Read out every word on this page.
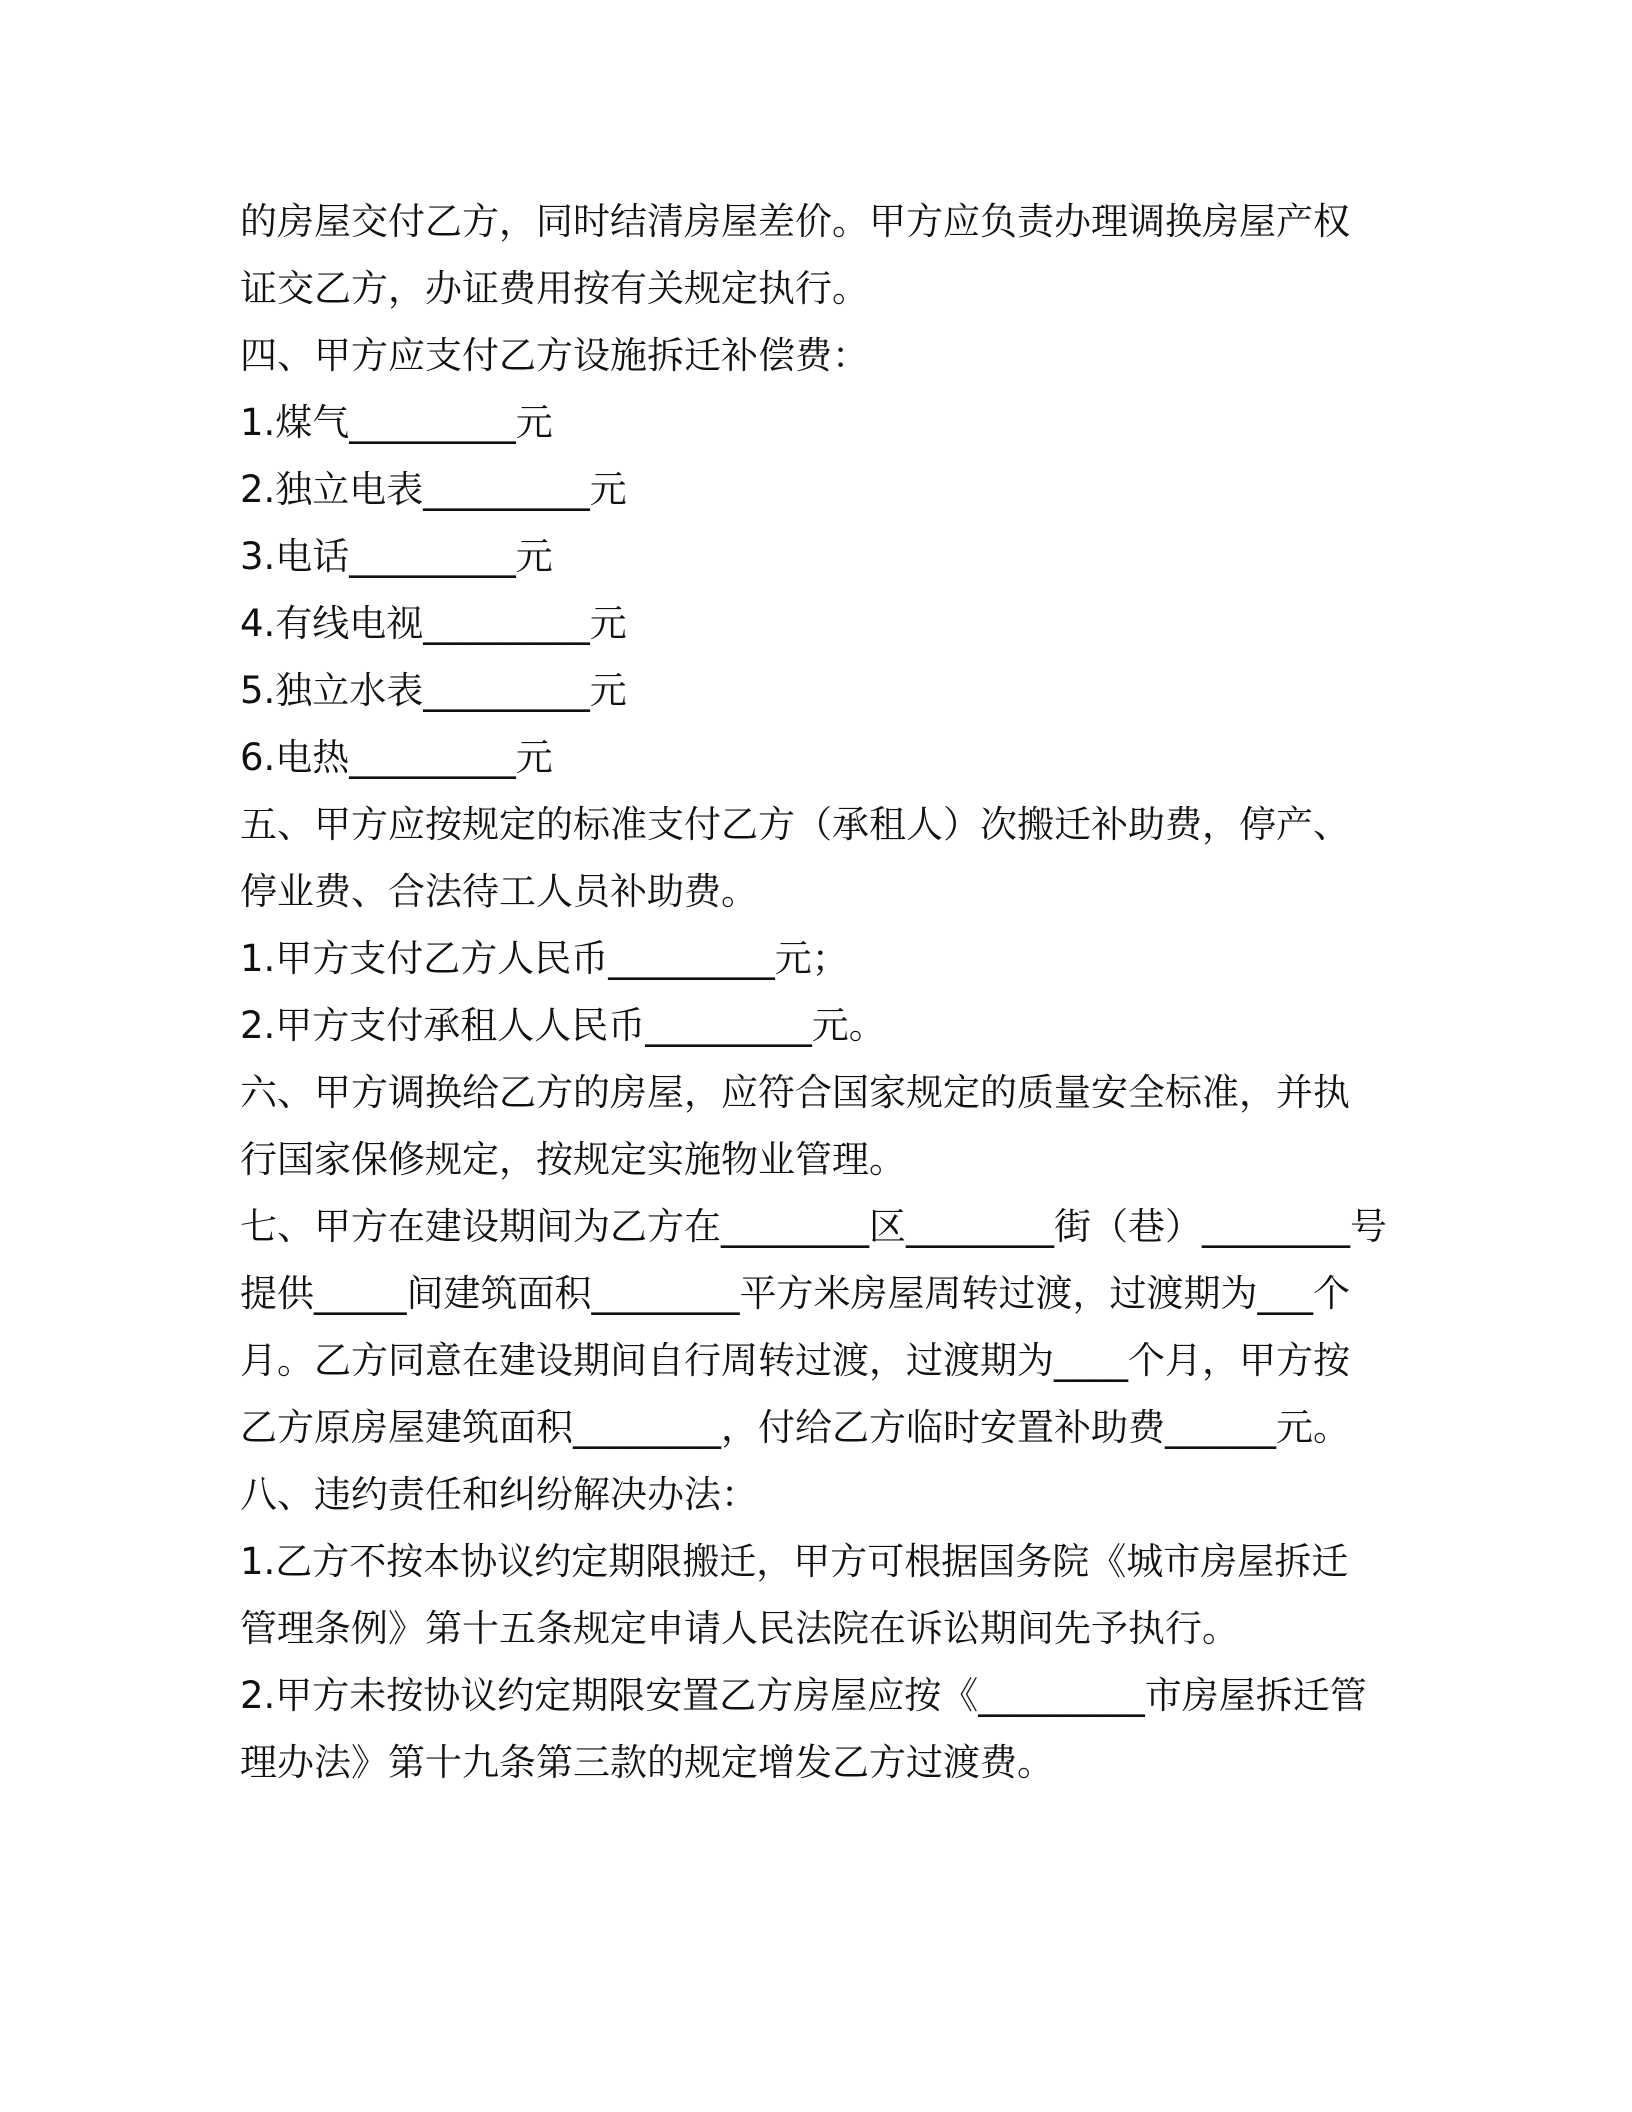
的房屋交付乙方，同时结清房屋差价。甲方应负责办理调换房屋产权
证交乙方，办证费用按有关规定执行。
四、甲方应支付乙方设施拆迁补偿费：
1.煤气_________元
2.独立电表_________元
3.电话_________元
4.有线电视_________元
5.独立水表_________元
6.电热_________元
五、甲方应按规定的标准支付乙方（承租人）次搬迁补助费，停产、
停业费、合法待工人员补助费。
1.甲方支付乙方人民币_________元；
2.甲方支付承租人人民币_________元。
六、甲方调换给乙方的房屋，应符合国家规定的质量安全标准，并执
行国家保修规定，按规定实施物业管理。
七、甲方在建设期间为乙方在________区________街（巷）________号
提供_____间建筑面积________平方米房屋周转过渡，过渡期为___个
月。乙方同意在建设期间自行周转过渡，过渡期为____个月，甲方按
乙方原房屋建筑面积________，付给乙方临时安置补助费______元。
八、违约责任和纠纷解决办法：
1.乙方不按本协议约定期限搬迁，甲方可根据国务院《城市房屋拆迁
管理条例》第十五条规定申请人民法院在诉讼期间先予执行。
2.甲方未按协议约定期限安置乙方房屋应按《_________市房屋拆迁管
理办法》第十九条第三款的规定增发乙方过渡费。
